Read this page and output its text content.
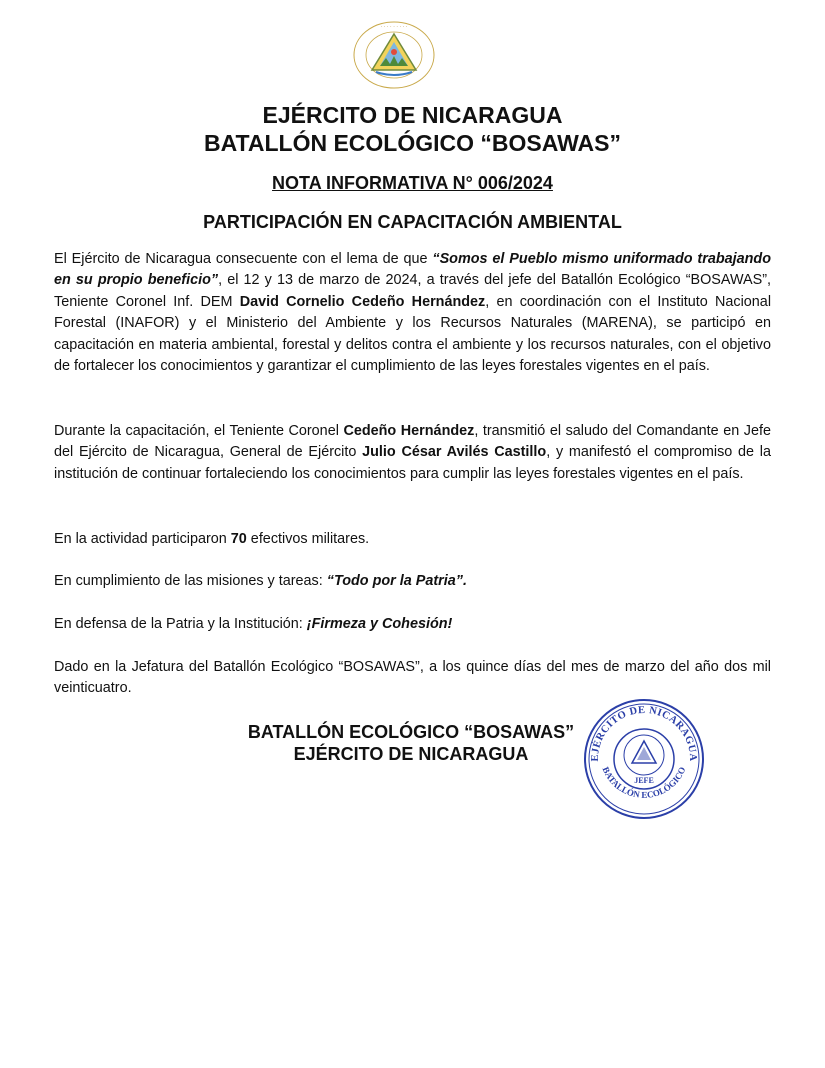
· · · · · · · · ·
EJÉRCITO DE NICARAGUA
BATALLÓN ECOLÓGICO “BOSAWAS”
NOTA INFORMATIVA N° 006/2024
PARTICIPACIÓN EN CAPACITACIÓN AMBIENTAL
El Ejército de Nicaragua consecuente con el lema de que “Somos el Pueblo mismo uniformado trabajando en su propio beneficio”, el 12 y 13 de marzo de 2024, a través del jefe del Batallón Ecológico “BOSAWAS”, Teniente Coronel Inf. DEM David Cornelio Cedeño Hernández, en coordinación con el Instituto Nacional Forestal (INAFOR) y el Ministerio del Ambiente y los Recursos Naturales (MARENA), se participó en capacitación en materia ambiental, forestal y delitos contra el ambiente y los recursos naturales, con el objetivo de fortalecer los conocimientos y garantizar el cumplimiento de las leyes forestales vigentes en el país.
Durante la capacitación, el Teniente Coronel Cedeño Hernández, transmitió el saludo del Comandante en Jefe del Ejército de Nicaragua, General de Ejército Julio César Avilés Castillo, y manifestó el compromiso de la institución de continuar fortaleciendo los conocimientos para cumplir las leyes forestales vigentes en el país.
En la actividad participaron 70 efectivos militares.
En cumplimiento de las misiones y tareas: “Todo por la Patria”.
En defensa de la Patria y la Institución: ¡Firmeza y Cohesión!
Dado en la Jefatura del Batallón Ecológico “BOSAWAS”, a los quince días del mes de marzo del año dos mil veinticuatro.
BATALLÓN ECOLÓGICO “BOSAWAS”
EJÉRCITO DE NICARAGUA	EJÉRCITO DE NICARAGUA
JEFE
BATALLÓN ECOLÓGICO
